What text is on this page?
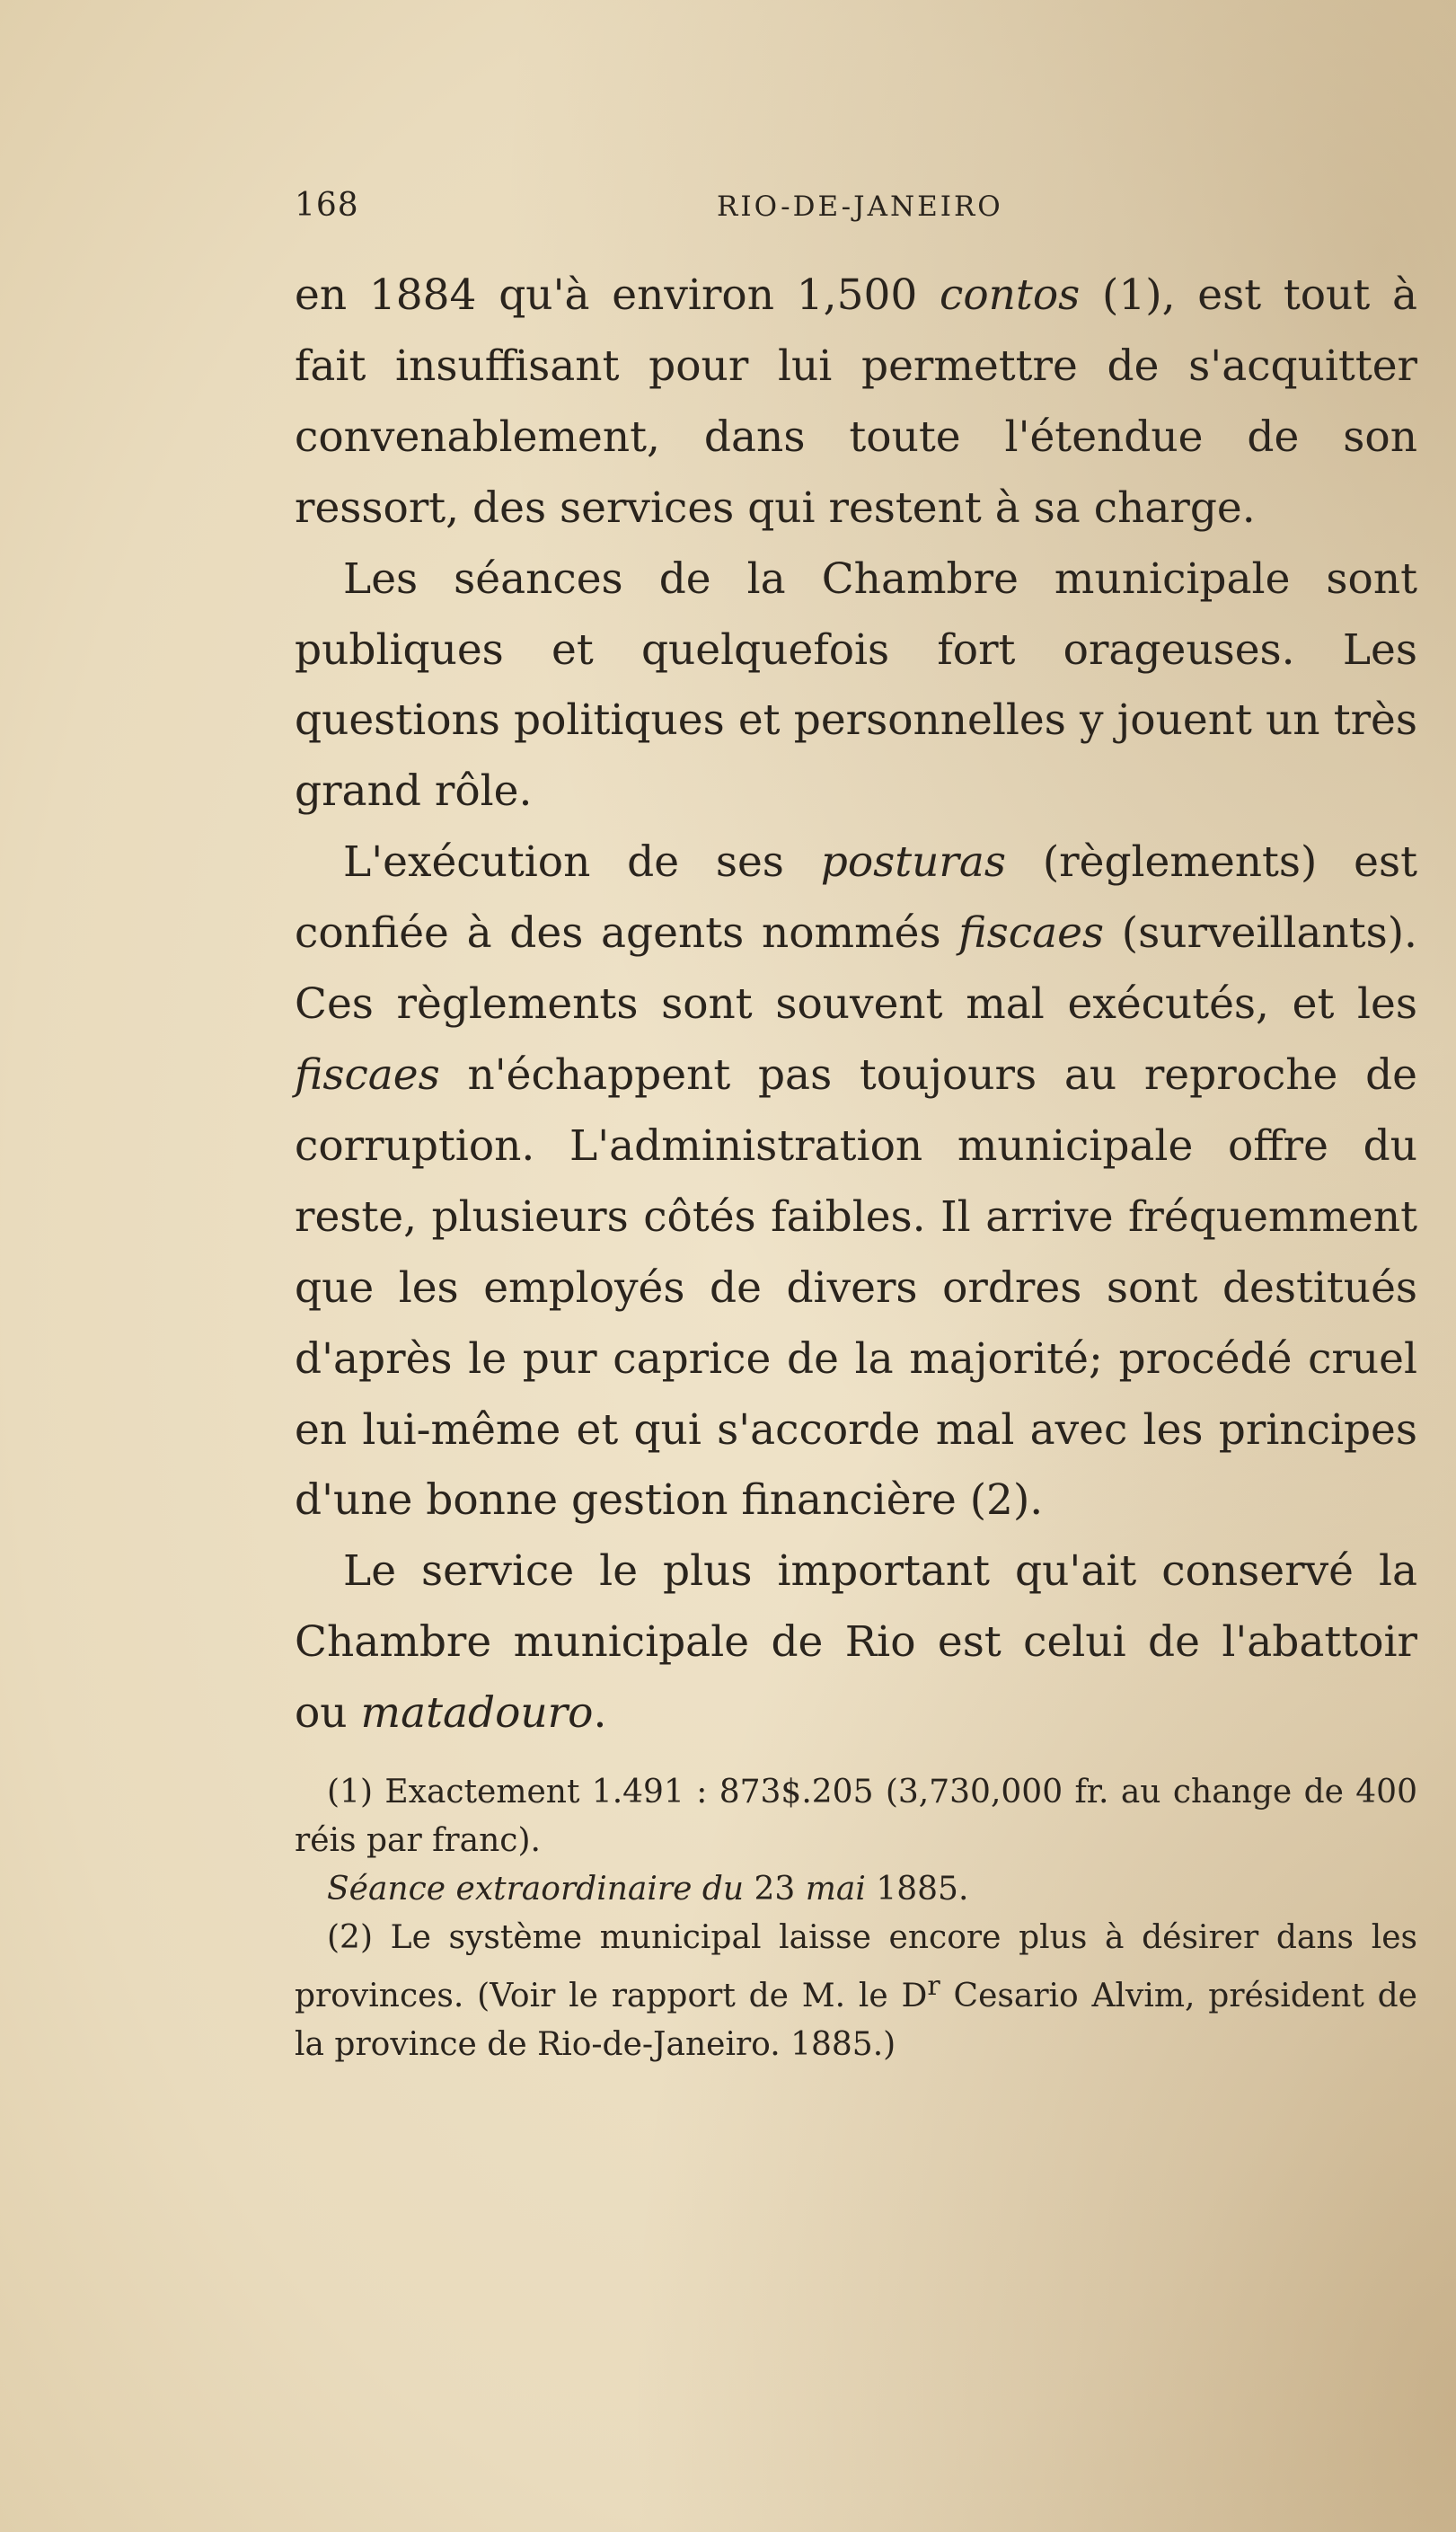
168	RIO-DE-JANEIRO

en 1884 qu'à environ 1,500 contos (1), est tout à fait insuffisant pour lui permettre de s'acquitter convenablement, dans toute l'étendue de son ressort, des services qui restent à sa charge.

Les séances de la Chambre municipale sont publiques et quelquefois fort orageuses. Les questions politiques et personnelles y jouent un très grand rôle.

L'exécution de ses posturas (règlements) est confiée à des agents nommés fiscaes (surveillants). Ces règlements sont souvent mal exécutés, et les fiscaes n'échappent pas toujours au reproche de corruption. L'administration municipale offre du reste, plusieurs côtés faibles. Il arrive fréquemment que les employés de divers ordres sont destitués d'après le pur caprice de la majorité; procédé cruel en lui-même et qui s'accorde mal avec les principes d'une bonne gestion financière (2).

Le service le plus important qu'ait conservé la Chambre municipale de Rio est celui de l'abattoir ou matadouro.

(1) Exactement 1.491 : 873$.205 (3,730,000 fr. au change de 400 réis par franc).

Séance extraordinaire du 23 mai 1885.

(2) Le système municipal laisse encore plus à désirer dans les provinces. (Voir le rapport de M. le $D^r$ Cesario Alvim, président de la province de Rio-de-Janeiro. 1885.)
